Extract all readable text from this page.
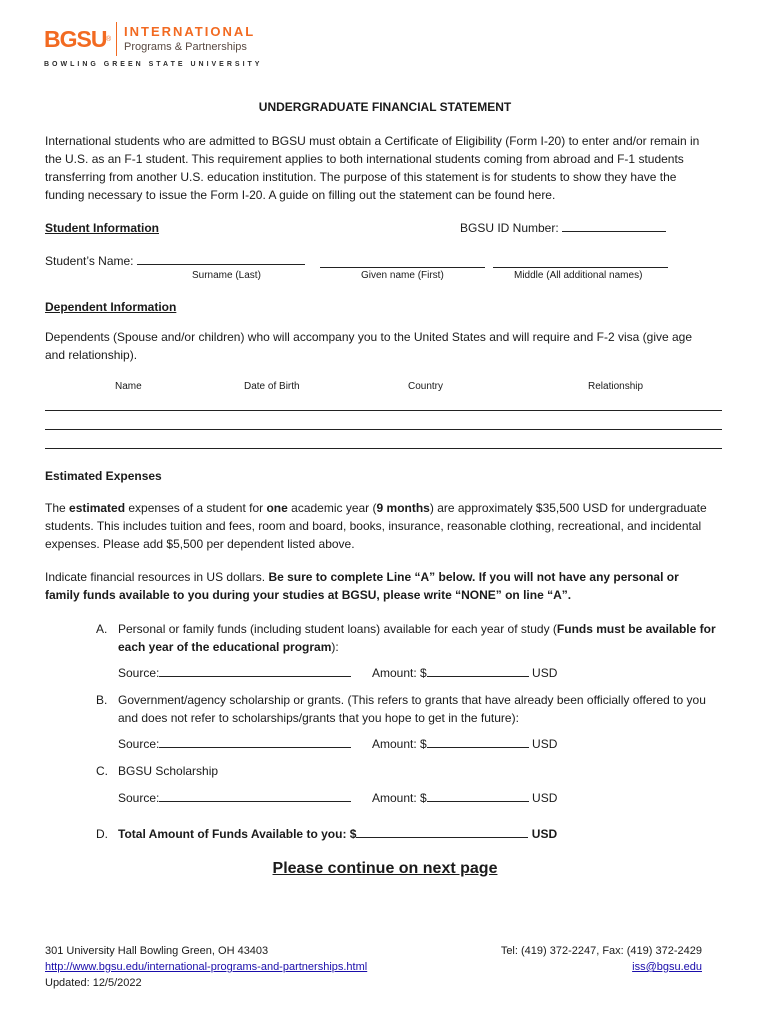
BGSU ®
INTERNATIONAL
Programs & Partnerships
BOWLING GREEN STATE UNIVERSITY
UNDERGRADUATE FINANCIAL STATEMENT
International students who are admitted to BGSU must obtain a Certificate of Eligibility (Form I-20) to enter and/or remain in the U.S. as an F-1 student. This requirement applies to both international students coming from abroad and F-1 students transferring from another U.S. education institution. The purpose of this statement is for students to show they have the funding necessary to issue the Form I-20. A guide on filling out the statement can be found here.
Student Information	BGSU ID Number:
Student’s Name:
Surname (Last)	Given name (First)	Middle (All additional names)
Dependent Information
Dependents (Spouse and/or children) who will accompany you to the United States and will require and F-2 visa (give age and relationship).
Name	Date of Birth	Country	Relationship
Estimated Expenses
The estimated expenses of a student for one academic year (9 months) are approximately $35,500 USD for undergraduate students. This includes tuition and fees, room and board, books, insurance, reasonable clothing, recreational, and incidental expenses. Please add $5,500 per dependent listed above.
Indicate financial resources in US dollars. Be sure to complete Line “A” below. If you will not have any personal or family funds available to you during your studies at BGSU, please write “NONE” on line “A”.
A. Personal or family funds (including student loans) available for each year of study (Funds must be available for each year of the educational program):
Source:	Amount: $	USD
B. Government/agency scholarship or grants. (This refers to grants that have already been officially offered to you and does not refer to scholarships/grants that you hope to get in the future):
Source:	Amount: $	USD
C. BGSU Scholarship
Source:	Amount: $	USD
D. Total Amount of Funds Available to you: $	USD
Please continue on next page
301 University Hall Bowling Green, OH 43403
http://www.bgsu.edu/international-programs-and-partnerships.html
Updated: 12/5/2022
Tel: (419) 372-2247, Fax: (419) 372-2429
iss@bgsu.edu
